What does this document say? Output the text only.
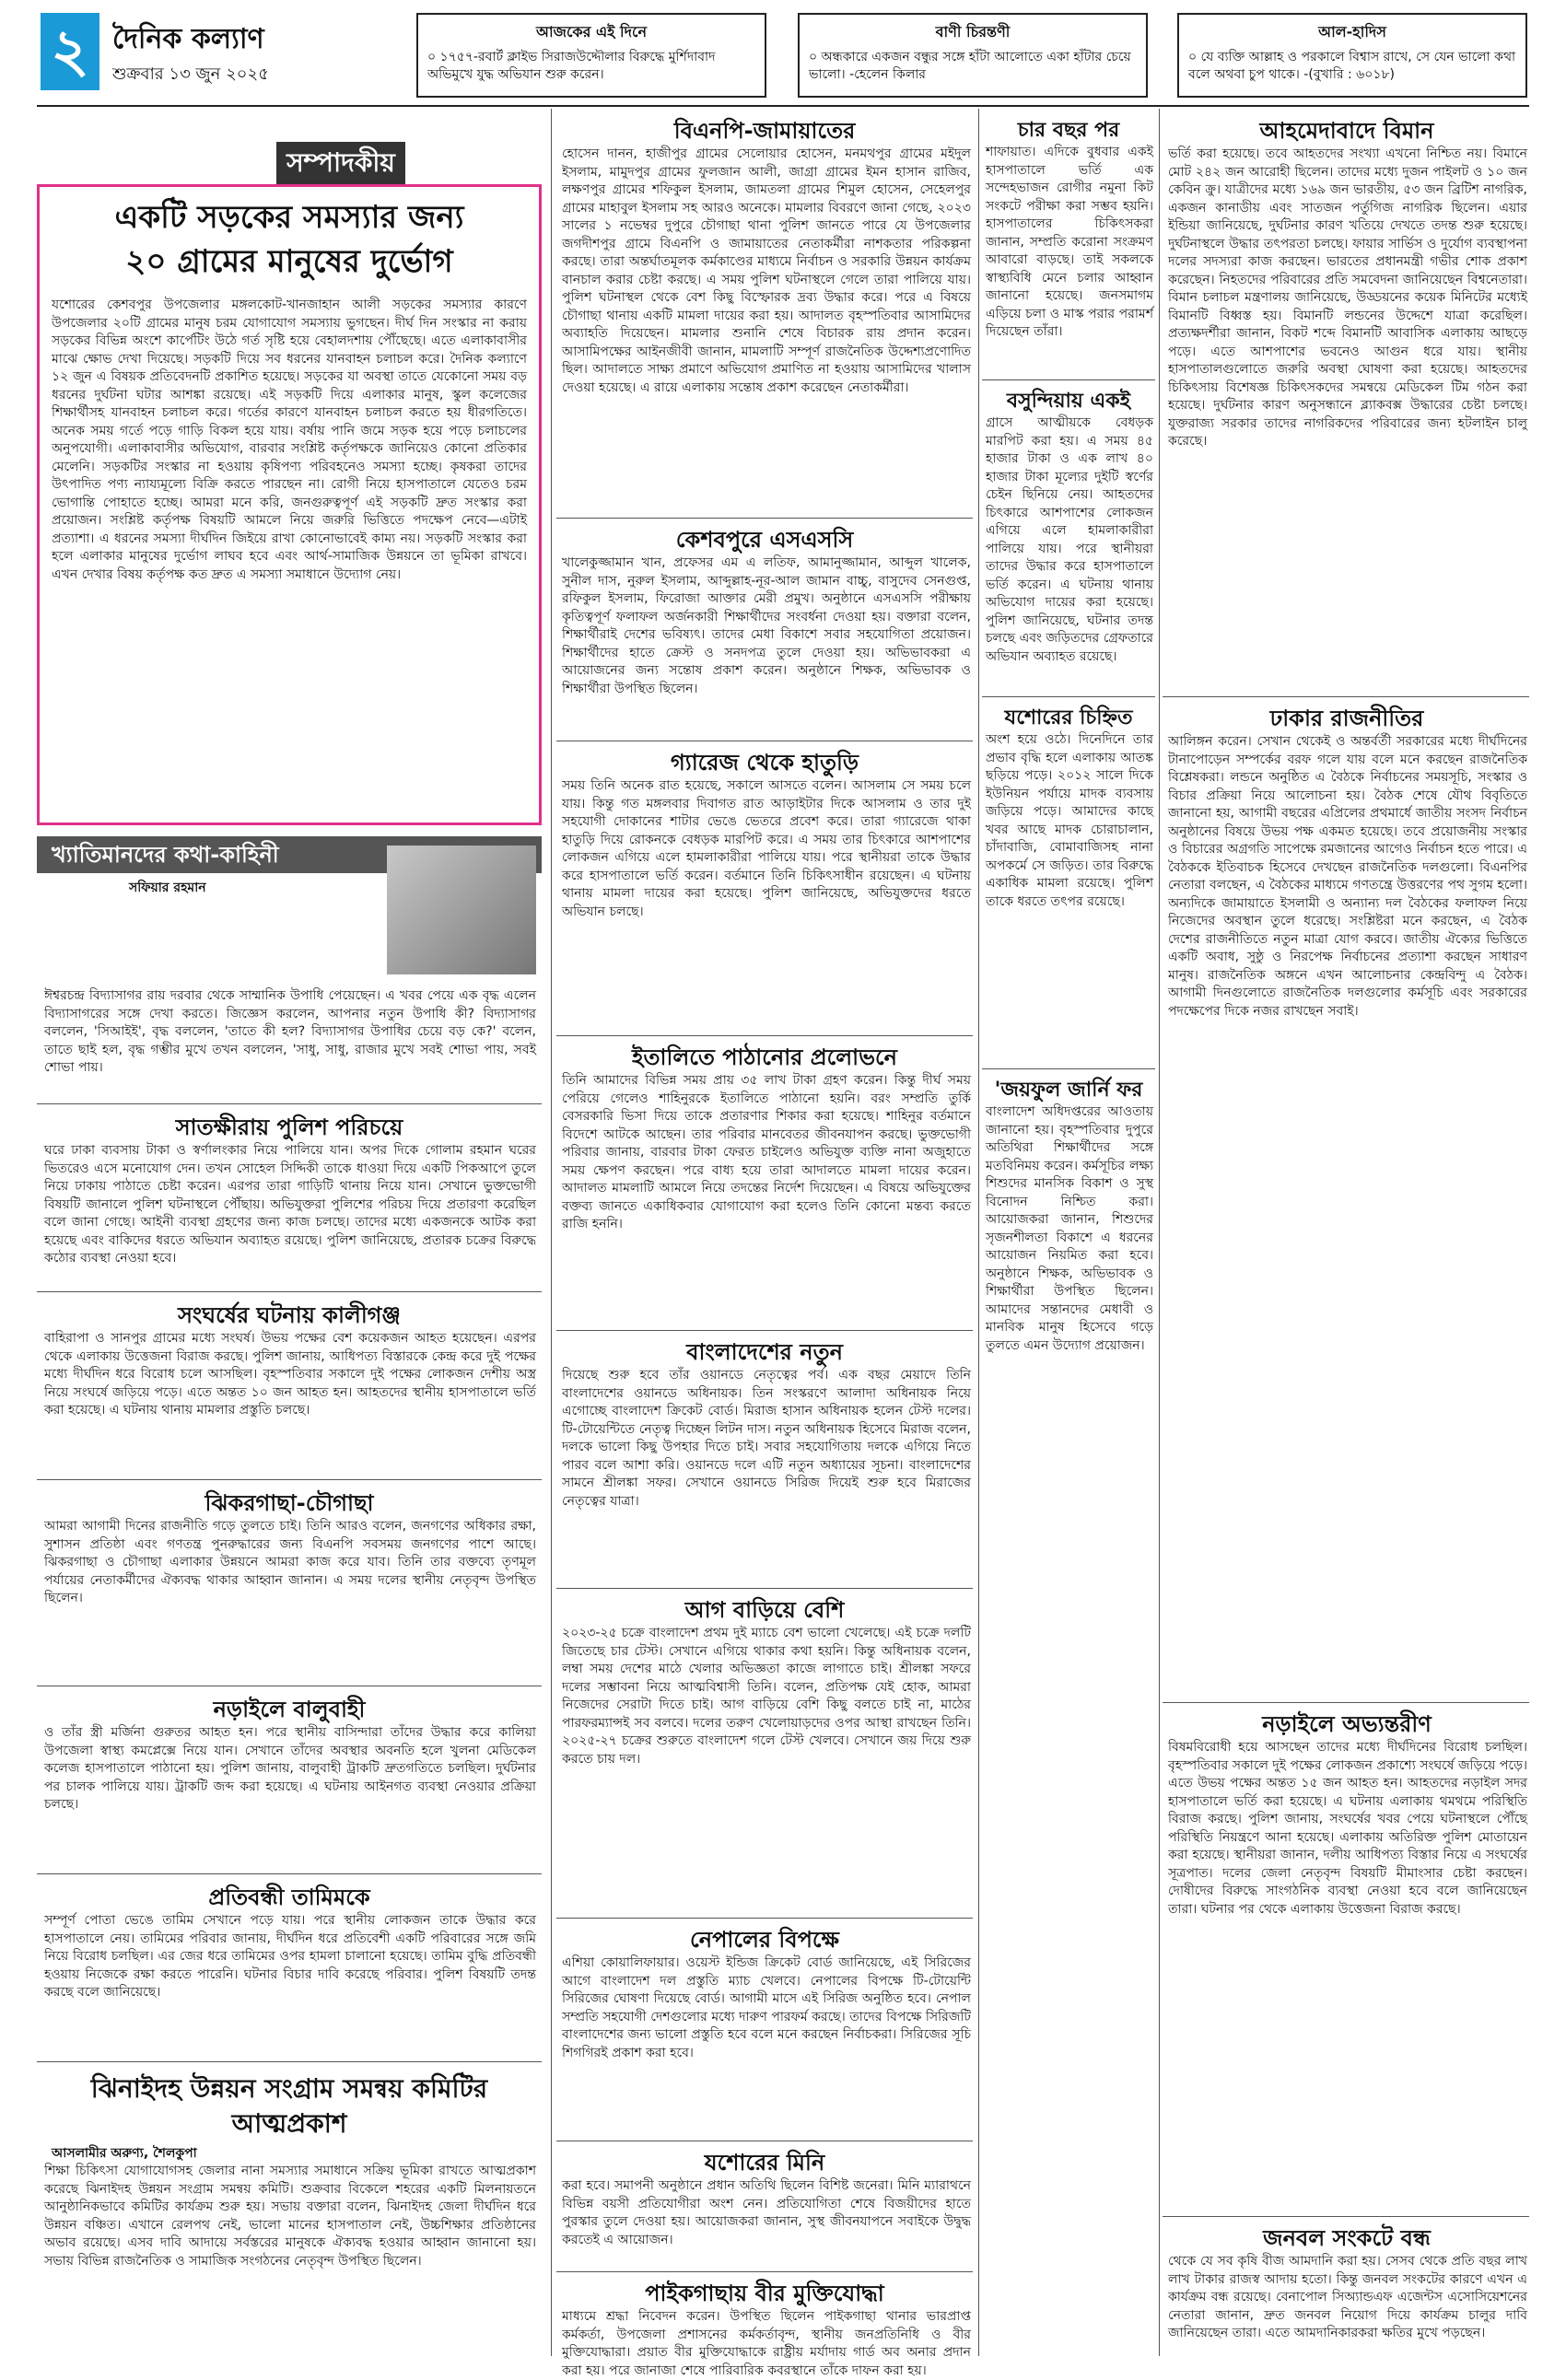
২ দৈনিক কল্যাণ
শুক্রবার ১৩ জুন ২০২৫
আজকের এই দিনে
০ ১৭৫৭-রবার্ট ক্লাইভ সিরাজউদ্দৌলার বিরুদ্ধে মুর্শিদাবাদ অভিমুখে যুদ্ধ অভিযান শুরু করেন।
বাণী চিরন্তণী
০ অন্ধকারে একজন বন্ধুর সঙ্গে হাঁটা আলোতে একা হাঁটার চেয়ে ভালো। -হেলেন কিলার
আল-হাদিস
০ যে ব্যক্তি আল্লাহ ও পরকালে বিশ্বাস রাখে, সে যেন ভালো কথা বলে অথবা চুপ থাকে। -(বুখারি : ৬০১৮)
সম্পাদকীয়
একটি সড়কের সমস্যার জন্য
২০ গ্রামের মানুষের দুর্ভোগ

যশোরের কেশবপুর উপজেলার মঙ্গলকোট-খানজাহান আলী সড়কের সমস্যার কারণে উপজেলার ২০টি গ্রামের মানুষ চরম যোগাযোগ সমস্যায় ভুগছেন। দীর্ঘ দিন সংস্কার না করায় সড়কের বিভিন্ন অংশে কার্পেটিং উঠে গর্ত সৃষ্টি হয়ে বেহালদশায় পৌঁছেছে। এতে এলাকাবাসীর মাঝে ক্ষোভ দেখা দিয়েছে। সড়কটি দিয়ে সব ধরনের যানবাহন চলাচল করে। দৈনিক কল্যাণে ১২ জুন এ বিষয়ক প্রতিবেদনটি প্রকাশিত হয়েছে। সড়কের যা অবস্থা তাতে যেকোনো সময় বড় ধরনের দুর্ঘটনা ঘটার আশঙ্কা রয়েছে। এই সড়কটি দিয়ে এলাকার মানুষ, স্কুল কলেজের শিক্ষার্থীসহ যানবাহন চলাচল করে। গর্তের কারণে যানবাহন চলাচল করতে হয় ধীরগতিতে। অনেক সময় গর্তে পড়ে গাড়ি বিকল হয়ে যায়। বর্ষায় পানি জমে সড়ক হয়ে পড়ে চলাচলের অনুপযোগী। এলাকাবাসীর অভিযোগ, বারবার সংশ্লিষ্ট কর্তৃপক্ষকে জানিয়েও কোনো প্রতিকার মেলেনি। সড়কটির সংস্কার না হওয়ায় কৃষিপণ্য পরিবহনেও সমস্যা হচ্ছে। কৃষকরা তাদের উৎপাদিত পণ্য ন্যায্যমূল্যে বিক্রি করতে পারছেন না। রোগী নিয়ে হাসপাতালে যেতেও চরম ভোগান্তি পোহাতে হচ্ছে। আমরা মনে করি, জনগুরুত্বপূর্ণ এই সড়কটি দ্রুত সংস্কার করা প্রয়োজন। সংশ্লিষ্ট কর্তৃপক্ষ বিষয়টি আমলে নিয়ে জরুরি ভিত্তিতে পদক্ষেপ নেবে—এটাই প্রত্যাশা। এ ধরনের সমস্যা দীর্ঘদিন জিইয়ে রাখা কোনোভাবেই কাম্য নয়। সড়কটি সংস্কার করা হলে এলাকার মানুষের দুর্ভোগ লাঘব হবে এবং আর্থ-সামাজিক উন্নয়নে তা ভূমিকা রাখবে। এখন দেখার বিষয় কর্তৃপক্ষ কত দ্রুত এ সমস্যা সমাধানে উদ্যোগ নেয়।

খ্যাতিমানদের কথা-কাহিনী
সফিয়ার রহমান

ঈশ্বরচন্দ্র বিদ্যাসাগর রায় দরবার থেকে সাম্মানিক উপাধি পেয়েছেন। এ খবর পেয়ে এক বৃদ্ধ এলেন বিদ্যাসাগরের সঙ্গে দেখা করতে। জিজ্ঞেস করলেন, আপনার নতুন উপাধি কী? বিদ্যাসাগর বললেন, 'সিআইই', বৃদ্ধ বললেন, 'তাতে কী হল? বিদ্যাসাগর উপাধির চেয়ে বড় কে?' বলেন, তাতে ছাই হল, বৃদ্ধ গম্ভীর মুখে তখন বললেন, 'সাধু, সাধু, রাজার মুখে সবই শোভা পায়, সবই শোভা পায়।

সাতক্ষীরায় পুলিশ পরিচয়ে

ঘরে ঢাকা ব্যবসায় টাকা ও স্বর্ণালংকার নিয়ে পালিয়ে যান। অপর দিকে গোলাম রহমান ঘরের ভিতরেও এসে মনোযোগ দেন। তখন সোহেল সিদ্দিকী তাকে ধাওয়া দিয়ে একটি পিকআপে তুলে নিয়ে ঢাকায় পাঠাতে চেষ্টা করেন। এরপর তারা গাড়িটি থানায় নিয়ে যান। সেখানে ভুক্তভোগী বিষয়টি জানালে পুলিশ ঘটনাস্থলে পৌঁছায়। অভিযুক্তরা পুলিশের পরিচয় দিয়ে প্রতারণা করেছিল বলে জানা গেছে। আইনী ব্যবস্থা গ্রহণের জন্য কাজ চলছে। তাদের মধ্যে একজনকে আটক করা হয়েছে এবং বাকিদের ধরতে অভিযান অব্যাহত রয়েছে। পুলিশ জানিয়েছে, প্রতারক চক্রের বিরুদ্ধে কঠোর ব্যবস্থা নেওয়া হবে।

সংঘর্ষের ঘটনায় কালীগঞ্জ

বাহিরাপা ও সানপুর গ্রামের মধ্যে সংঘর্ষ। উভয় পক্ষের বেশ কয়েকজন আহত হয়েছেন। এরপর থেকে এলাকায় উত্তেজনা বিরাজ করছে। পুলিশ জানায়, আধিপত্য বিস্তারকে কেন্দ্র করে দুই পক্ষের মধ্যে দীর্ঘদিন ধরে বিরোধ চলে আসছিল। বৃহস্পতিবার সকালে দুই পক্ষের লোকজন দেশীয় অস্ত্র নিয়ে সংঘর্ষে জড়িয়ে পড়ে। এতে অন্তত ১০ জন আহত হন। আহতদের স্থানীয় হাসপাতালে ভর্তি করা হয়েছে। এ ঘটনায় থানায় মামলার প্রস্তুতি চলছে।

ঝিকরগাছা-চৌগাছা

আমরা আগামী দিনের রাজনীতি গড়ে তুলতে চাই। তিনি আরও বলেন, জনগণের অধিকার রক্ষা, সুশাসন প্রতিষ্ঠা এবং গণতন্ত্র পুনরুদ্ধারের জন্য বিএনপি সবসময় জনগণের পাশে আছে। ঝিকরগাছা ও চৌগাছা এলাকার উন্নয়নে আমরা কাজ করে যাব। তিনি তার বক্তব্যে তৃণমূল পর্যায়ের নেতাকর্মীদের ঐক্যবদ্ধ থাকার আহ্বান জানান। এ সময় দলের স্থানীয় নেতৃবৃন্দ উপস্থিত ছিলেন।

নড়াইলে বালুবাহী

ও তাঁর স্ত্রী মর্জিনা গুরুতর আহত হন। পরে স্থানীয় বাসিন্দারা তাঁদের উদ্ধার করে কালিয়া উপজেলা স্বাস্থ্য কমপ্লেক্সে নিয়ে যান। সেখানে তাঁদের অবস্থার অবনতি হলে খুলনা মেডিকেল কলেজ হাসপাতালে পাঠানো হয়। পুলিশ জানায়, বালুবাহী ট্রাকটি দ্রুতগতিতে চলছিল। দুর্ঘটনার পর চালক পালিয়ে যায়। ট্রাকটি জব্দ করা হয়েছে। এ ঘটনায় আইনগত ব্যবস্থা নেওয়ার প্রক্রিয়া চলছে।

প্রতিবন্ধী তামিমকে

সম্পূর্ণ পোতা ভেঙে তামিম সেখানে পড়ে যায়। পরে স্থানীয় লোকজন তাকে উদ্ধার করে হাসপাতালে নেয়। তামিমের পরিবার জানায়, দীর্ঘদিন ধরে প্রতিবেশী একটি পরিবারের সঙ্গে জমি নিয়ে বিরোধ চলছিল। এর জের ধরে তামিমের ওপর হামলা চালানো হয়েছে। তামিম বুদ্ধি প্রতিবন্ধী হওয়ায় নিজেকে রক্ষা করতে পারেনি। ঘটনার বিচার দাবি করেছে পরিবার। পুলিশ বিষয়টি তদন্ত করছে বলে জানিয়েছে।

ঝিনাইদহ উন্নয়ন সংগ্রাম সমন্বয় কমিটির
আত্মপ্রকাশ
আসলামীর অরুণ্য, শৈলকুপা

শিক্ষা চিকিৎসা যোগাযোগসহ জেলার নানা সমস্যার সমাধানে সক্রিয় ভূমিকা রাখতে আত্মপ্রকাশ করেছে ঝিনাইদহ উন্নয়ন সংগ্রাম সমন্বয় কমিটি। শুক্রবার বিকেলে শহরের একটি মিলনায়তনে আনুষ্ঠানিকভাবে কমিটির কার্যক্রম শুরু হয়। সভায় বক্তারা বলেন, ঝিনাইদহ জেলা দীর্ঘদিন ধরে উন্নয়ন বঞ্চিত। এখানে রেলপথ নেই, ভালো মানের হাসপাতাল নেই, উচ্চশিক্ষার প্রতিষ্ঠানের অভাব রয়েছে। এসব দাবি আদায়ে সর্বস্তরের মানুষকে ঐক্যবদ্ধ হওয়ার আহ্বান জানানো হয়। সভায় বিভিন্ন রাজনৈতিক ও সামাজিক সংগঠনের নেতৃবৃন্দ উপস্থিত ছিলেন।

বিএনপি-জামায়াতের

হোসেন দানন, হাজীপুর গ্রামের সেলোয়ার হোসেন, মনমথপুর গ্রামের মইদুল ইসলাম, মামুদপুর গ্রামের ফুলজান আলী, জাগ্রা গ্রামের ইমন হাসান রাজিব, লক্ষণপুর গ্রামের শফিকুল ইসলাম, জামতলা গ্রামের শিমুল হোসেন, সেহেলপুর গ্রামের মাহাবুল ইসলাম সহ আরও অনেকে। মামলার বিবরণে জানা গেছে, ২০২৩ সালের ১ নভেম্বর দুপুরে চৌগাছা থানা পুলিশ জানতে পারে যে উপজেলার জগদীশপুর গ্রামে বিএনপি ও জামায়াতের নেতাকর্মীরা নাশকতার পরিকল্পনা করছে। তারা অন্তর্ঘাতমূলক কর্মকাণ্ডের মাধ্যমে নির্বাচন ও সরকারি উন্নয়ন কার্যক্রম বানচাল করার চেষ্টা করছে। এ সময় পুলিশ ঘটনাস্থলে গেলে তারা পালিয়ে যায়। পুলিশ ঘটনাস্থল থেকে বেশ কিছু বিস্ফোরক দ্রব্য উদ্ধার করে। পরে এ বিষয়ে চৌগাছা থানায় একটি মামলা দায়ের করা হয়। আদালত বৃহস্পতিবার আসামিদের অব্যাহতি দিয়েছেন। মামলার শুনানি শেষে বিচারক রায় প্রদান করেন। আসামিপক্ষের আইনজীবী জানান, মামলাটি সম্পূর্ণ রাজনৈতিক উদ্দেশ্যপ্রণোদিত ছিল। আদালতে সাক্ষ্য প্রমাণে অভিযোগ প্রমাণিত না হওয়ায় আসামিদের খালাস দেওয়া হয়েছে। এ রায়ে এলাকায় সন্তোষ প্রকাশ করেছেন নেতাকর্মীরা।

কেশবপুরে এসএসসি

খালেকুজ্জামান খান, প্রফেসর এম এ লতিফ, আমানুজ্জামান, আব্দুল খালেক, সুনীল দাস, নুরুল ইসলাম, আব্দুল্লাহ-নূর-আল জামান বাচ্চু, বাসুদেব সেনগুপ্ত, রফিকুল ইসলাম, ফিরোজা আক্তার মেরী প্রমুখ। অনুষ্ঠানে এসএসসি পরীক্ষায় কৃতিত্বপূর্ণ ফলাফল অর্জনকারী শিক্ষার্থীদের সংবর্ধনা দেওয়া হয়। বক্তারা বলেন, শিক্ষার্থীরাই দেশের ভবিষ্যৎ। তাদের মেধা বিকাশে সবার সহযোগিতা প্রয়োজন। শিক্ষার্থীদের হাতে ক্রেস্ট ও সনদপত্র তুলে দেওয়া হয়। অভিভাবকরা এ আয়োজনের জন্য সন্তোষ প্রকাশ করেন। অনুষ্ঠানে শিক্ষক, অভিভাবক ও শিক্ষার্থীরা উপস্থিত ছিলেন।

গ্যারেজ থেকে হাতুড়ি

সময় তিনি অনেক রাত হয়েছে, সকালে আসতে বলেন। আসলাম সে সময় চলে যায়। কিন্তু গত মঙ্গলবার দিবাগত রাত আড়াইটার দিকে আসলাম ও তার দুই সহযোগী দোকানের শাটার ভেঙে ভেতরে প্রবেশ করে। তারা গ্যারেজে থাকা হাতুড়ি দিয়ে রোকনকে বেধড়ক মারপিট করে। এ সময় তার চিৎকারে আশপাশের লোকজন এগিয়ে এলে হামলাকারীরা পালিয়ে যায়। পরে স্থানীয়রা তাকে উদ্ধার করে হাসপাতালে ভর্তি করেন। বর্তমানে তিনি চিকিৎসাধীন রয়েছেন। এ ঘটনায় থানায় মামলা দায়ের করা হয়েছে। পুলিশ জানিয়েছে, অভিযুক্তদের ধরতে অভিযান চলছে।

ইতালিতে পাঠানোর প্রলোভনে

তিনি আমাদের বিভিন্ন সময় প্রায় ৩৫ লাখ টাকা গ্রহণ করেন। কিন্তু দীর্ঘ সময় পেরিয়ে গেলেও শাহিনুরকে ইতালিতে পাঠানো হয়নি। বরং সম্প্রতি তুর্কি বেসরকারি ভিসা দিয়ে তাকে প্রতারণার শিকার করা হয়েছে। শাহিনুর বর্তমানে বিদেশে আটকে আছেন। তার পরিবার মানবেতর জীবনযাপন করছে। ভুক্তভোগী পরিবার জানায়, বারবার টাকা ফেরত চাইলেও অভিযুক্ত ব্যক্তি নানা অজুহাতে সময় ক্ষেপণ করছেন। পরে বাধ্য হয়ে তারা আদালতে মামলা দায়ের করেন। আদালত মামলাটি আমলে নিয়ে তদন্তের নির্দেশ দিয়েছেন। এ বিষয়ে অভিযুক্তের বক্তব্য জানতে একাধিকবার যোগাযোগ করা হলেও তিনি কোনো মন্তব্য করতে রাজি হননি।

বাংলাদেশের নতুন

দিয়েছে শুরু হবে তাঁর ওয়ানডে নেতৃত্বের পর্ব। এক বছর মেয়াদে তিনি বাংলাদেশের ওয়ানডে অধিনায়ক। তিন সংস্করণে আলাদা অধিনায়ক নিয়ে এগোচ্ছে বাংলাদেশ ক্রিকেট বোর্ড। মিরাজ হাসান অধিনায়ক হলেন টেস্ট দলের। টি-টোয়েন্টিতে নেতৃত্ব দিচ্ছেন লিটন দাস। নতুন অধিনায়ক হিসেবে মিরাজ বলেন, দলকে ভালো কিছু উপহার দিতে চাই। সবার সহযোগিতায় দলকে এগিয়ে নিতে পারব বলে আশা করি। ওয়ানডে দলে এটি নতুন অধ্যায়ের সূচনা। বাংলাদেশের সামনে শ্রীলঙ্কা সফর। সেখানে ওয়ানডে সিরিজ দিয়েই শুরু হবে মিরাজের নেতৃত্বের যাত্রা।

আগ বাড়িয়ে বেশি

২০২৩-২৫ চক্রে বাংলাদেশ প্রথম দুই ম্যাচে বেশ ভালো খেলেছে। এই চক্রে দলটি জিতেছে চার টেস্ট। সেখানে এগিয়ে থাকার কথা হয়নি। কিন্তু অধিনায়ক বলেন, লম্বা সময় দেশের মাঠে খেলার অভিজ্ঞতা কাজে লাগাতে চাই। শ্রীলঙ্কা সফরে দলের সম্ভাবনা নিয়ে আত্মবিশ্বাসী তিনি। বলেন, প্রতিপক্ষ যেই হোক, আমরা নিজেদের সেরাটা দিতে চাই। আগ বাড়িয়ে বেশি কিছু বলতে চাই না, মাঠের পারফরম্যান্সই সব বলবে। দলের তরুণ খেলোয়াড়দের ওপর আস্থা রাখছেন তিনি। ২০২৫-২৭ চক্রের শুরুতে বাংলাদেশ গলে টেস্ট খেলবে। সেখানে জয় দিয়ে শুরু করতে চায় দল।

নেপালের বিপক্ষে

এশিয়া কোয়ালিফায়ার। ওয়েস্ট ইন্ডিজ ক্রিকেট বোর্ড জানিয়েছে, এই সিরিজের আগে বাংলাদেশ দল প্রস্তুতি ম্যাচ খেলবে। নেপালের বিপক্ষে টি-টোয়েন্টি সিরিজের ঘোষণা দিয়েছে বোর্ড। আগামী মাসে এই সিরিজ অনুষ্ঠিত হবে। নেপাল সম্প্রতি সহযোগী দেশগুলোর মধ্যে দারুণ পারফর্ম করছে। তাদের বিপক্ষে সিরিজটি বাংলাদেশের জন্য ভালো প্রস্তুতি হবে বলে মনে করছেন নির্বাচকরা। সিরিজের সূচি শিগগিরই প্রকাশ করা হবে।

যশোরের মিনি

করা হবে। সমাপনী অনুষ্ঠানে প্রধান অতিথি ছিলেন বিশিষ্ট জনেরা। মিনি ম্যারাথনে বিভিন্ন বয়সী প্রতিযোগীরা অংশ নেন। প্রতিযোগিতা শেষে বিজয়ীদের হাতে পুরস্কার তুলে দেওয়া হয়। আয়োজকরা জানান, সুস্থ জীবনযাপনে সবাইকে উদ্বুদ্ধ করতেই এ আয়োজন।

পাইকগাছায় বীর মুক্তিযোদ্ধা

মাধ্যমে শ্রদ্ধা নিবেদন করেন। উপস্থিত ছিলেন পাইকগাছা থানার ভারপ্রাপ্ত কর্মকর্তা, উপজেলা প্রশাসনের কর্মকর্তাবৃন্দ, স্থানীয় জনপ্রতিনিধি ও বীর মুক্তিযোদ্ধারা। প্রয়াত বীর মুক্তিযোদ্ধাকে রাষ্ট্রীয় মর্যাদায় গার্ড অব অনার প্রদান করা হয়। পরে জানাজা শেষে পারিবারিক কবরস্থানে তাঁকে দাফন করা হয়।

চার বছর পর

শাফায়াত। এদিকে বুধবার একই হাসপাতালে ভর্তি এক সন্দেহভাজন রোগীর নমুনা কিট সংকটে পরীক্ষা করা সম্ভব হয়নি। হাসপাতালের চিকিৎসকরা জানান, সম্প্রতি করোনা সংক্রমণ আবারো বাড়ছে। তাই সকলকে স্বাস্থ্যবিধি মেনে চলার আহ্বান জানানো হয়েছে। জনসমাগম এড়িয়ে চলা ও মাস্ক পরার পরামর্শ দিয়েছেন তাঁরা।

বসুন্দিয়ায় একই

গ্রাসে আত্মীয়কে বেধড়ক মারপিট করা হয়। এ সময় ৪৫ হাজার টাকা ও এক লাখ ৪০ হাজার টাকা মূল্যের দুইটি স্বর্ণের চেইন ছিনিয়ে নেয়। আহতদের চিৎকারে আশপাশের লোকজন এগিয়ে এলে হামলাকারীরা পালিয়ে যায়। পরে স্থানীয়রা তাদের উদ্ধার করে হাসপাতালে ভর্তি করেন। এ ঘটনায় থানায় অভিযোগ দায়ের করা হয়েছে। পুলিশ জানিয়েছে, ঘটনার তদন্ত চলছে এবং জড়িতদের গ্রেফতারে অভিযান অব্যাহত রয়েছে।

যশোরের চিহ্নিত

অংশ হয়ে ওঠে। দিনেদিনে তার প্রভাব বৃদ্ধি হলে এলাকায় আতঙ্ক ছড়িয়ে পড়ে। ২০১২ সালে দিকে ইউনিয়ন পর্যায়ে মাদক ব্যবসায় জড়িয়ে পড়ে। আমাদের কাছে খবর আছে মাদক চোরাচালান, চাঁদাবাজি, বোমাবাজিসহ নানা অপকর্মে সে জড়িত। তার বিরুদ্ধে একাধিক মামলা রয়েছে। পুলিশ তাকে ধরতে তৎপর রয়েছে।

'জয়ফুল জার্নি ফর

বাংলাদেশ অধিদপ্তরের আওতায় জানানো হয়। বৃহস্পতিবার দুপুরে অতিথিরা শিক্ষার্থীদের সঙ্গে মতবিনিময় করেন। কর্মসূচির লক্ষ্য শিশুদের মানসিক বিকাশ ও সুস্থ বিনোদন নিশ্চিত করা। আয়োজকরা জানান, শিশুদের সৃজনশীলতা বিকাশে এ ধরনের আয়োজন নিয়মিত করা হবে। অনুষ্ঠানে শিক্ষক, অভিভাবক ও শিক্ষার্থীরা উপস্থিত ছিলেন। আমাদের সন্তানদের মেধাবী ও মানবিক মানুষ হিসেবে গড়ে তুলতে এমন উদ্যোগ প্রয়োজন।

আহমেদাবাদে বিমান

ভর্তি করা হয়েছে। তবে আহতদের সংখ্যা এখনো নিশ্চিত নয়। বিমানে মোট ২৪২ জন আরোহী ছিলেন। তাদের মধ্যে দুজন পাইলট ও ১০ জন কেবিন ক্রু। যাত্রীদের মধ্যে ১৬৯ জন ভারতীয়, ৫৩ জন ব্রিটিশ নাগরিক, একজন কানাডীয় এবং সাতজন পর্তুগিজ নাগরিক ছিলেন। এয়ার ইন্ডিয়া জানিয়েছে, দুর্ঘটনার কারণ খতিয়ে দেখতে তদন্ত শুরু হয়েছে। দুর্ঘটনাস্থলে উদ্ধার তৎপরতা চলছে। ফায়ার সার্ভিস ও দুর্যোগ ব্যবস্থাপনা দলের সদস্যরা কাজ করছেন। ভারতের প্রধানমন্ত্রী গভীর শোক প্রকাশ করেছেন। নিহতদের পরিবারের প্রতি সমবেদনা জানিয়েছেন বিশ্বনেতারা। বিমান চলাচল মন্ত্রণালয় জানিয়েছে, উড্ডয়নের কয়েক মিনিটের মধ্যেই বিমানটি বিধ্বস্ত হয়। বিমানটি লন্ডনের উদ্দেশে যাত্রা করেছিল। প্রত্যক্ষদর্শীরা জানান, বিকট শব্দে বিমানটি আবাসিক এলাকায় আছড়ে পড়ে। এতে আশপাশের ভবনেও আগুন ধরে যায়। স্থানীয় হাসপাতালগুলোতে জরুরি অবস্থা ঘোষণা করা হয়েছে। আহতদের চিকিৎসায় বিশেষজ্ঞ চিকিৎসকদের সমন্বয়ে মেডিকেল টিম গঠন করা হয়েছে। দুর্ঘটনার কারণ অনুসন্ধানে ব্ল্যাকবক্স উদ্ধারের চেষ্টা চলছে। যুক্তরাজ্য সরকার তাদের নাগরিকদের পরিবারের জন্য হটলাইন চালু করেছে।

ঢাকার রাজনীতির

আলিঙ্গন করেন। সেখান থেকেই ও অন্তর্বর্তী সরকারের মধ্যে দীর্ঘদিনের টানাপোড়েন সম্পর্কের বরফ গলে যায় বলে মনে করছেন রাজনৈতিক বিশ্লেষকরা। লন্ডনে অনুষ্ঠিত এ বৈঠকে নির্বাচনের সময়সূচি, সংস্কার ও বিচার প্রক্রিয়া নিয়ে আলোচনা হয়। বৈঠক শেষে যৌথ বিবৃতিতে জানানো হয়, আগামী বছরের এপ্রিলের প্রথমার্ধে জাতীয় সংসদ নির্বাচন অনুষ্ঠানের বিষয়ে উভয় পক্ষ একমত হয়েছে। তবে প্রয়োজনীয় সংস্কার ও বিচারের অগ্রগতি সাপেক্ষে রমজানের আগেও নির্বাচন হতে পারে। এ বৈঠককে ইতিবাচক হিসেবে দেখছেন রাজনৈতিক দলগুলো। বিএনপির নেতারা বলছেন, এ বৈঠকের মাধ্যমে গণতন্ত্রে উত্তরণের পথ সুগম হলো। অন্যদিকে জামায়াতে ইসলামী ও অন্যান্য দল বৈঠকের ফলাফল নিয়ে নিজেদের অবস্থান তুলে ধরেছে। সংশ্লিষ্টরা মনে করছেন, এ বৈঠক দেশের রাজনীতিতে নতুন মাত্রা যোগ করবে। জাতীয় ঐক্যের ভিত্তিতে একটি অবাধ, সুষ্ঠু ও নিরপেক্ষ নির্বাচনের প্রত্যাশা করছেন সাধারণ মানুষ। রাজনৈতিক অঙ্গনে এখন আলোচনার কেন্দ্রবিন্দু এ বৈঠক। আগামী দিনগুলোতে রাজনৈতিক দলগুলোর কর্মসূচি এবং সরকারের পদক্ষেপের দিকে নজর রাখছেন সবাই।

নড়াইলে অভ্যন্তরীণ

বিষমবিরোধী হয়ে আসছেন তাদের মধ্যে দীর্ঘদিনের বিরোধ চলছিল। বৃহস্পতিবার সকালে দুই পক্ষের লোকজন প্রকাশ্যে সংঘর্ষে জড়িয়ে পড়ে। এতে উভয় পক্ষের অন্তত ১৫ জন আহত হন। আহতদের নড়াইল সদর হাসপাতালে ভর্তি করা হয়েছে। এ ঘটনায় এলাকায় থমথমে পরিস্থিতি বিরাজ করছে। পুলিশ জানায়, সংঘর্ষের খবর পেয়ে ঘটনাস্থলে পৌঁছে পরিস্থিতি নিয়ন্ত্রণে আনা হয়েছে। এলাকায় অতিরিক্ত পুলিশ মোতায়েন করা হয়েছে। স্থানীয়রা জানান, দলীয় আধিপত্য বিস্তার নিয়ে এ সংঘর্ষের সূত্রপাত। দলের জেলা নেতৃবৃন্দ বিষয়টি মীমাংসার চেষ্টা করছেন। দোষীদের বিরুদ্ধে সাংগঠনিক ব্যবস্থা নেওয়া হবে বলে জানিয়েছেন তারা। ঘটনার পর থেকে এলাকায় উত্তেজনা বিরাজ করছে।

জনবল সংকটে বন্ধ

থেকে যে সব কৃষি বীজ আমদানি করা হয়। সেসব থেকে প্রতি বছর লাখ লাখ টাকার রাজস্ব আদায় হতো। কিন্তু জনবল সংকটের কারণে এখন এ কার্যক্রম বন্ধ রয়েছে। বেনাপোল সিঅ্যান্ডএফ এজেন্টস এসোসিয়েশনের নেতারা জানান, দ্রুত জনবল নিয়োগ দিয়ে কার্যক্রম চালুর দাবি জানিয়েছেন তারা। এতে আমদানিকারকরা ক্ষতির মুখে পড়ছেন।
